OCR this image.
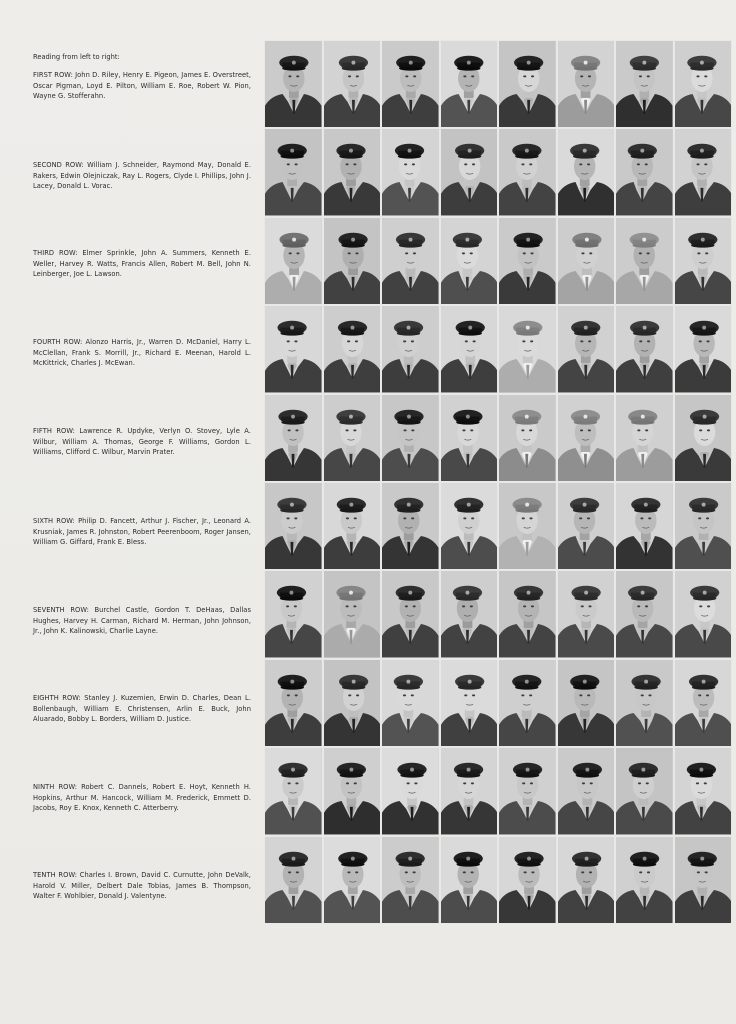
Reading from left to right:

FIRST ROW: John D. Riley, Henry E. Pigeon, James E. Overstreet, Oscar Pigman, Loyd E. Pilton, William E. Roe, Robert W. Pion, Wayne G. Stofferahn.

SECOND ROW: William J. Schneider, Raymond May, Donald E. Rakers, Edwin Olejniczak, Ray L. Rogers, Clyde I. Phillips, John J. Lacey, Donald L. Vorac.

THIRD ROW: Elmer Sprinkle, John A. Summers, Kenneth E. Weller, Harvey R. Watts, Francis Allen, Robert M. Bell, John N. Leinberger, Joe L. Lawson.

FOURTH ROW: Alonzo Harris, Jr., Warren D. McDaniel, Harry L. McClellan, Frank S. Morrill, Jr., Richard E. Meenan, Harold L. McKittrick, Charles J. McEwan.

FIFTH ROW: Lawrence R. Updyke, Verlyn O. Stovey, Lyle A. Wilbur, William A. Thomas, George F. Williams, Gordon L. Williams, Clifford C. Wilbur, Marvin Prater.

SIXTH ROW: Philip D. Fancett, Arthur J. Fischer, Jr., Leonard A. Krusniak, James R. Johnston, Robert Peerenboom, Roger Jansen, William G. Giffard, Frank E. Bless.

SEVENTH ROW: Burchel Castle, Gordon T. DeHaas, Dallas Hughes, Harvey H. Carman, Richard M. Herman, John Johnson, Jr., John K. Kalinowski, Charlie Layne.

EIGHTH ROW: Stanley J. Kuzemien, Erwin D. Charles, Dean L. Bollenbaugh, William E. Christensen, Arlin E. Buck, John Aluarado, Bobby L. Borders, William D. Justice.

NINTH ROW: Robert C. Dannels, Robert E. Hoyt, Kenneth H. Hopkins, Arthur M. Hancock, William M. Frederick, Emmett D. Jacobs, Roy E. Knox, Kenneth C. Atterberry.

TENTH ROW: Charles I. Brown, David C. Curnutte, John DeValk, Harold V. Miller, Delbert Dale Tobias, James B. Thompson, Walter F. Wohlbier, Donald J. Valentyne.
